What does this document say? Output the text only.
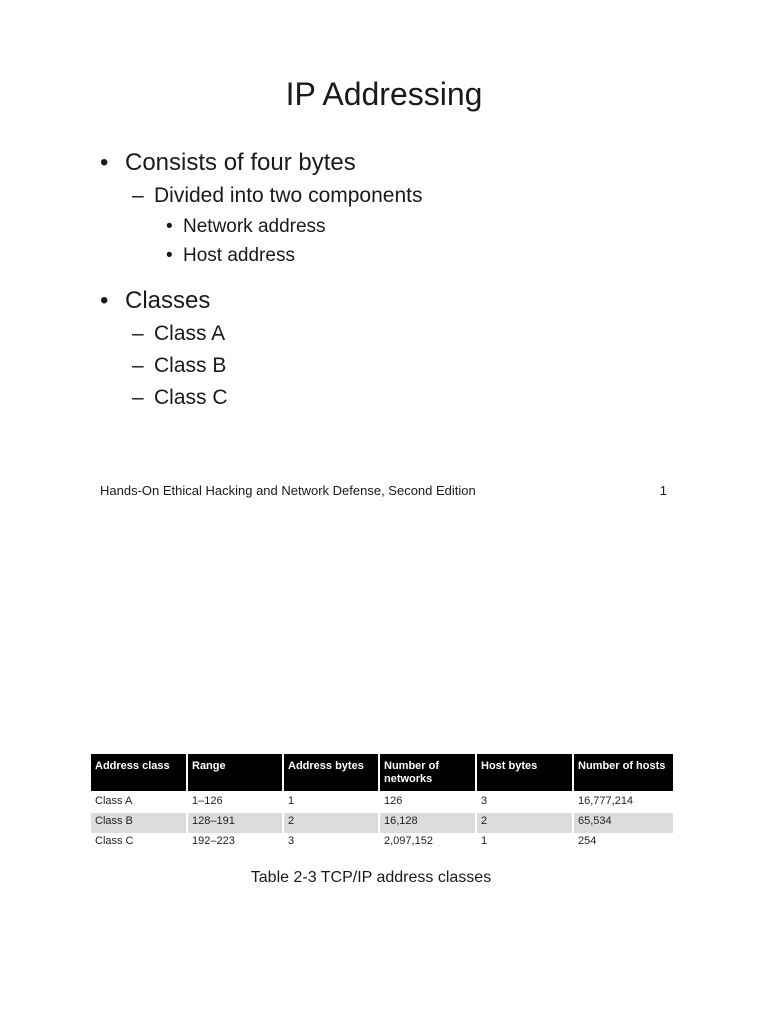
IP Addressing
• Consists of four bytes
– Divided into two components
• Network address
• Host address
• Classes
– Class A
– Class B
– Class C
Hands-On Ethical Hacking and Network Defense, Second Edition	1
Address class	Range	Address bytes	Number of networks	Host bytes	Number of hosts
Class A	1–126	1	126	3	16,777,214
Class B	128–191	2	16,128	2	65,534
Class C	192–223	3	2,097,152	1	254
Table 2-3 TCP/IP address classes
